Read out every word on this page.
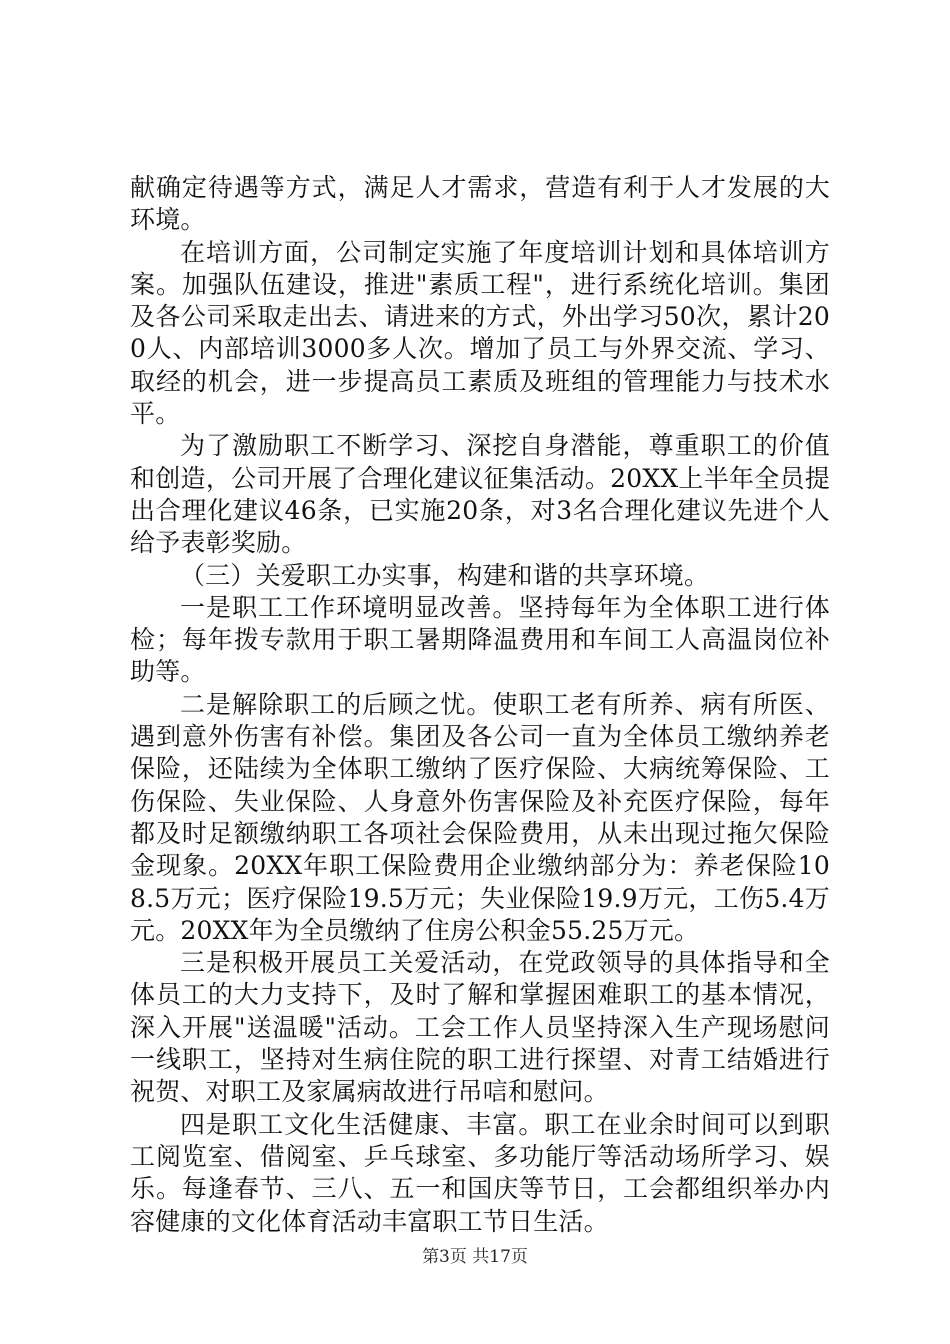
献确定待遇等方式，满足人才需求，营造有利于人才发展的大环境。

在培训方面，公司制定实施了年度培训计划和具体培训方案。加强队伍建设，推进"素质工程"，进行系统化培训。集团及各公司采取走出去、请进来的方式，外出学习50次，累计200人、内部培训3000多人次。增加了员工与外界交流、学习、取经的机会，进一步提高员工素质及班组的管理能力与技术水平。

为了激励职工不断学习、深挖自身潜能，尊重职工的价值和创造，公司开展了合理化建议征集活动。20XX上半年全员提出合理化建议46条，已实施20条，对3名合理化建议先进个人给予表彰奖励。

（三）关爱职工办实事，构建和谐的共享环境。

一是职工工作环境明显改善。坚持每年为全体职工进行体检；每年拨专款用于职工暑期降温费用和车间工人高温岗位补助等。

二是解除职工的后顾之忧。使职工老有所养、病有所医、遇到意外伤害有补偿。集团及各公司一直为全体员工缴纳养老保险，还陆续为全体职工缴纳了医疗保险、大病统筹保险、工伤保险、失业保险、人身意外伤害保险及补充医疗保险，每年都及时足额缴纳职工各项社会保险费用，从未出现过拖欠保险金现象。20XX年职工保险费用企业缴纳部分为：养老保险108.5万元；医疗保险19.5万元；失业保险19.9万元，工伤5.4万元。20XX年为全员缴纳了住房公积金55.25万元。

三是积极开展员工关爱活动，在党政领导的具体指导和全体员工的大力支持下，及时了解和掌握困难职工的基本情况，深入开展"送温暖"活动。工会工作人员坚持深入生产现场慰问一线职工，坚持对生病住院的职工进行探望、对青工结婚进行祝贺、对职工及家属病故进行吊唁和慰问。

四是职工文化生活健康、丰富。职工在业余时间可以到职工阅览室、借阅室、乒乓球室、多功能厅等活动场所学习、娱乐。每逢春节、三八、五一和国庆等节日，工会都组织举办内容健康的文化体育活动丰富职工节日生活。

第3页 共17页
